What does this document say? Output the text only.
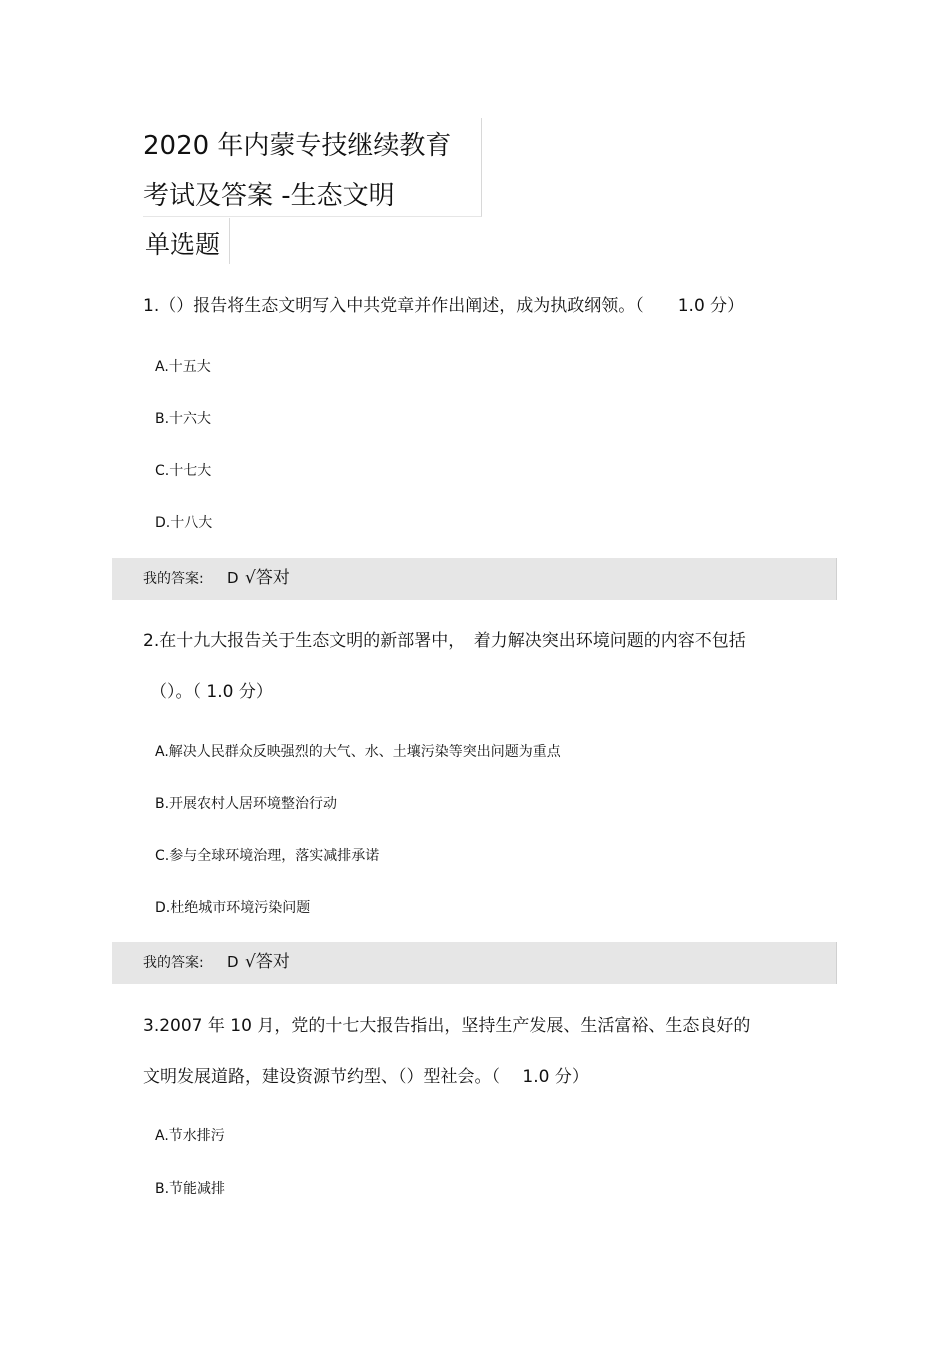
2020 年内蒙专技继续教育
考试及答案 -生态文明
单选题
1.（）报告将生态文明写入中共党章并作出阐述，成为执政纲领。（　　1.0 分）
A.十五大
B.十六大
C.十七大
D.十八大
我的答案: D √答对
2.在十九大报告关于生态文明的新部署中，　着力解决突出环境问题的内容不包括
（）。（ 1.0 分）
A.解决人民群众反映强烈的大气、水、土壤污染等突出问题为重点
B.开展农村人居环境整治行动
C.参与全球环境治理，落实减排承诺
D.杜绝城市环境污染问题
我的答案: D √答对
3.2007 年 10 月，党的十七大报告指出，坚持生产发展、生活富裕、生态良好的
文明发展道路，建设资源节约型、（）型社会。（　 1.0 分）
A.节水排污
B.节能减排
